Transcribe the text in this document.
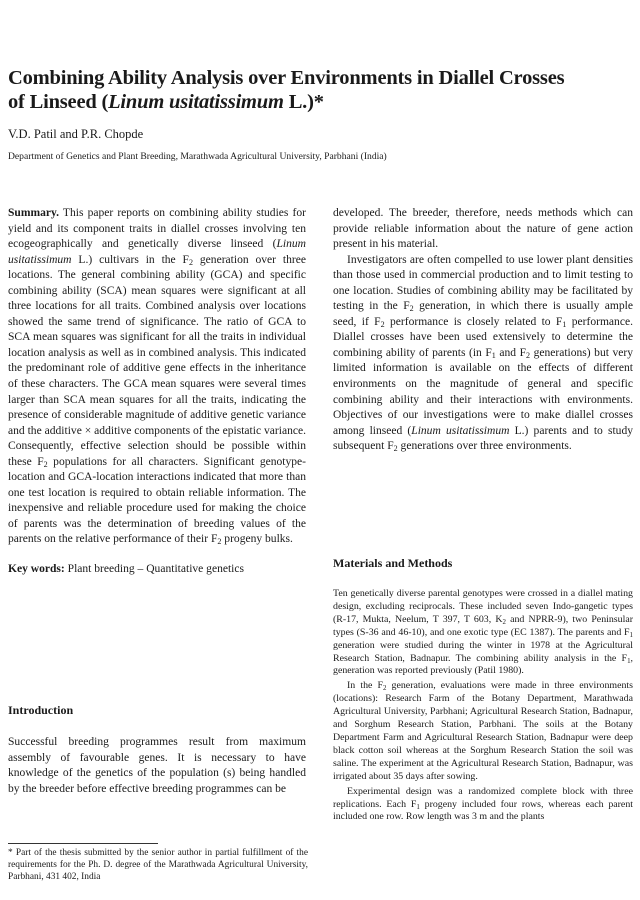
Combining Ability Analysis over Environments in Diallel Crosses
of Linseed (Linum usitatissimum L.)*
V.D. Patil and P.R. Chopde
Department of Genetics and Plant Breeding, Marathwada Agricultural University, Parbhani (India)

Summary. This paper reports on combining ability studies for yield and its component traits in diallel crosses involving ten ecogeographically and genetically diverse linseed (Linum usitatissimum L.) cultivars in the $F_2$ generation over three locations. The general combining ability (GCA) and specific combining ability (SCA) mean squares were significant at all three locations for all traits. Combined analysis over locations showed the same trend of significance. The ratio of GCA to SCA mean squares was significant for all the traits in individual location analysis as well as in combined analysis. This indicated the predominant role of additive gene effects in the inheritance of these characters. The GCA mean squares were several times larger than SCA mean squares for all the traits, indicating the presence of considerable magnitude of additive genetic variance and the additive × additive components of the epistatic variance. Consequently, effective selection should be possible within these $F_2$ populations for all characters. Significant genotype-location and GCA-location interactions indicated that more than one test location is required to obtain reliable information. The inexpensive and reliable procedure used for making the choice of parents was the determination of breeding values of the parents on the relative performance of their $F_2$ progeny bulks.

Key words: Plant breeding – Quantitative genetics

Introduction
Successful breeding programmes result from maximum assembly of favourable genes. It is necessary to have knowledge of the genetics of the population (s) being handled by the breeder before effective breeding programmes can be
* Part of the thesis submitted by the senior author in partial fulfillment of the requirements for the Ph. D. degree of the Marathwada Agricultural University, Parbhani, 431 402, India

developed. The breeder, therefore, needs methods which can provide reliable information about the nature of gene action present in his material.

Investigators are often compelled to use lower plant densities than those used in commercial production and to limit testing to one location. Studies of combining ability may be facilitated by testing in the $F_2$ generation, in which there is usually ample seed, if $F_2$ performance is closely related to $F_1$ performance. Diallel crosses have been used extensively to determine the combining ability of parents (in $F_1$ and $F_2$ generations) but very limited information is available on the effects of different environments on the magnitude of general and specific combining ability and their interactions with environments. Objectives of our investigations were to make diallel crosses among linseed (Linum usitatissimum L.) parents and to study subsequent $F_2$ generations over three environments.

Materials and Methods

Ten genetically diverse parental genotypes were crossed in a diallel mating design, excluding reciprocals. These included seven Indo-gangetic types (R-17, Mukta, Neelum, T 397, T 603, $K_2$ and NPRR-9), two Peninsular types (S-36 and 46-10), and one exotic type (EC 1387). The parents and $F_1$ generation were studied during the winter in 1978 at the Agricultural Research Station, Badnapur. The combining ability analysis in the $F_1$, generation was reported previously (Patil 1980).

In the $F_2$ generation, evaluations were made in three environments (locations): Research Farm of the Botany Department, Marathwada Agricultural University, Parbhani; Agricultural Research Station, Badnapur, and Sorghum Research Station, Parbhani. The soils at the Botany Department Farm and Agricultural Research Station, Badnapur were deep black cotton soil whereas at the Sorghum Research Station the soil was saline. The experiment at the Agricultural Research Station, Badnapur, was irrigated about 35 days after sowing.

Experimental design was a randomized complete block with three replications. Each $F_1$ progeny included four rows, whereas each parent included one row. Row length was 3 m and the plants
